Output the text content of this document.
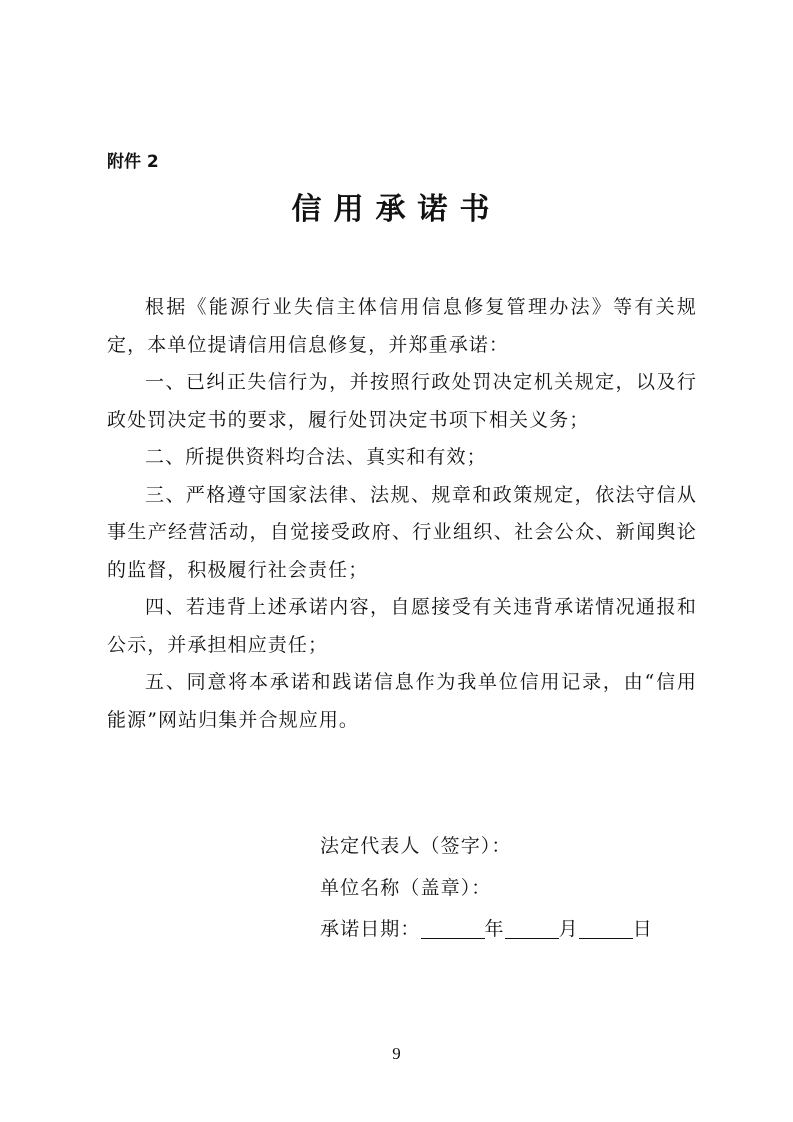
附件 2
信用承诺书

根据《能源行业失信主体信用信息修复管理办法》等有关规定，本单位提请信用信息修复，并郑重承诺：

一、已纠正失信行为，并按照行政处罚决定机关规定，以及行政处罚决定书的要求，履行处罚决定书项下相关义务；

二、所提供资料均合法、真实和有效；

三、严格遵守国家法律、法规、规章和政策规定，依法守信从事生产经营活动，自觉接受政府、行业组织、社会公众、新闻舆论的监督，积极履行社会责任；

四、若违背上述承诺内容，自愿接受有关违背承诺情况通报和公示，并承担相应责任；

五、同意将本承诺和践诺信息作为我单位信用记录，由“信用能源”网站归集并合规应用。

法定代表人（签字）：
单位名称（盖章）：
承诺日期：	年	月	日
9
